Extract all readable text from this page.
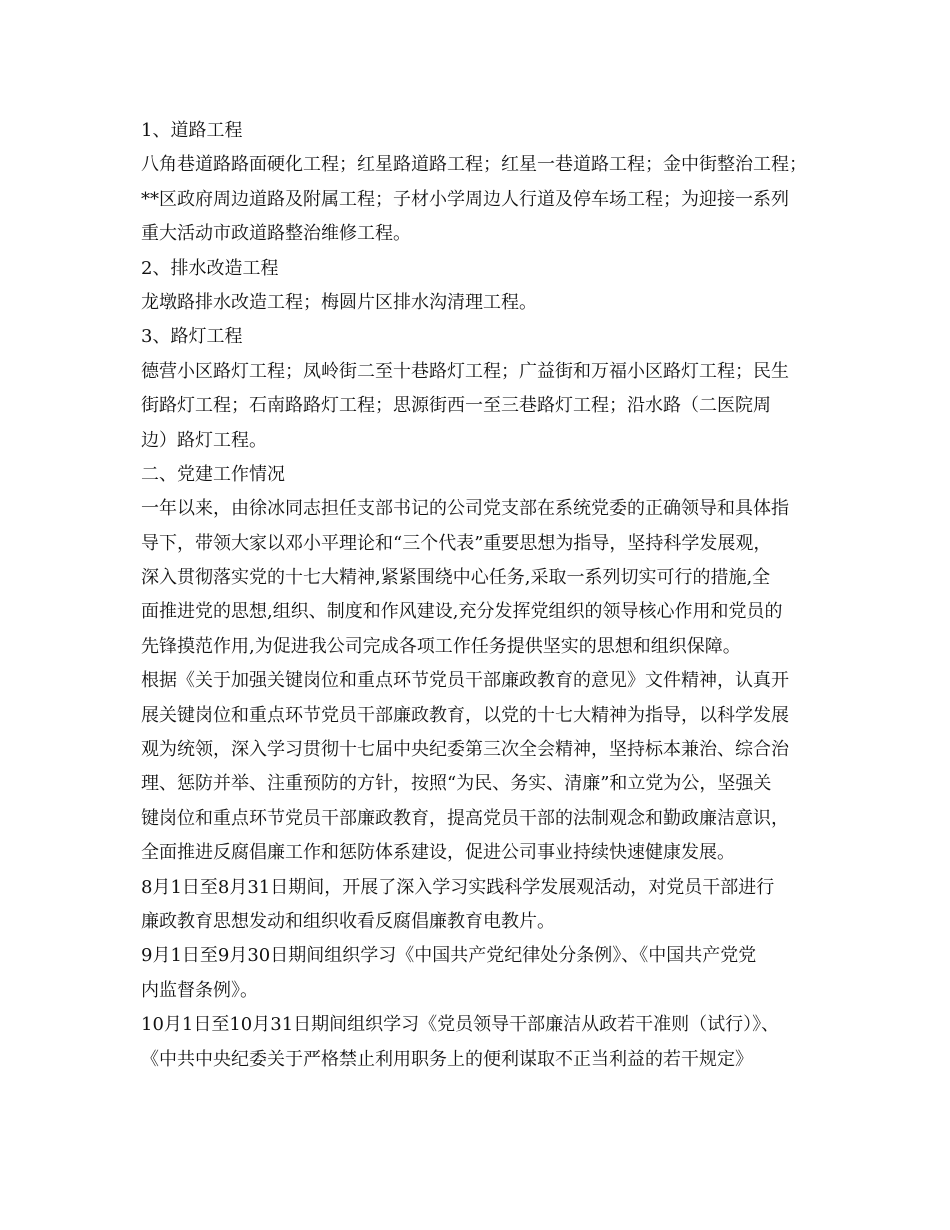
1、道路工程
八角巷道路路面硬化工程；红星路道路工程；红星一巷道路工程；金中街整治工程；
**区政府周边道路及附属工程；子材小学周边人行道及停车场工程；为迎接一系列
重大活动市政道路整治维修工程。
2、排水改造工程
龙墩路排水改造工程；梅圆片区排水沟清理工程。
3、路灯工程
德营小区路灯工程；凤岭街二至十巷路灯工程；广益街和万福小区路灯工程；民生
街路灯工程；石南路路灯工程；思源街西一至三巷路灯工程；沿水路（二医院周
边）路灯工程。
二、党建工作情况
一年以来，由徐冰同志担任支部书记的公司党支部在系统党委的正确领导和具体指
导下，带领大家以邓小平理论和“三个代表”重要思想为指导，坚持科学发展观，
深入贯彻落实党的十七大精神,紧紧围绕中心任务,采取一系列切实可行的措施,全
面推进党的思想,组织、制度和作风建设,充分发挥党组织的领导核心作用和党员的
先锋摸范作用,为促进我公司完成各项工作任务提供坚实的思想和组织保障。
根据《关于加强关键岗位和重点环节党员干部廉政教育的意见》文件精神，认真开
展关键岗位和重点环节党员干部廉政教育，以党的十七大精神为指导，以科学发展
观为统领，深入学习贯彻十七届中央纪委第三次全会精神，坚持标本兼治、综合治
理、惩防并举、注重预防的方针，按照“为民、务实、清廉”和立党为公，坚强关
键岗位和重点环节党员干部廉政教育，提高党员干部的法制观念和勤政廉洁意识，
全面推进反腐倡廉工作和惩防体系建设，促进公司事业持续快速健康发展。
8月1日至8月31日期间，开展了深入学习实践科学发展观活动，对党员干部进行
廉政教育思想发动和组织收看反腐倡廉教育电教片。
9月1日至9月30日期间组织学习《中国共产党纪律处分条例》、《中国共产党党
内监督条例》。
10月1日至10月31日期间组织学习《党员领导干部廉洁从政若干准则（试行）》、
《中共中央纪委关于严格禁止利用职务上的便利谋取不正当利益的若干规定》
